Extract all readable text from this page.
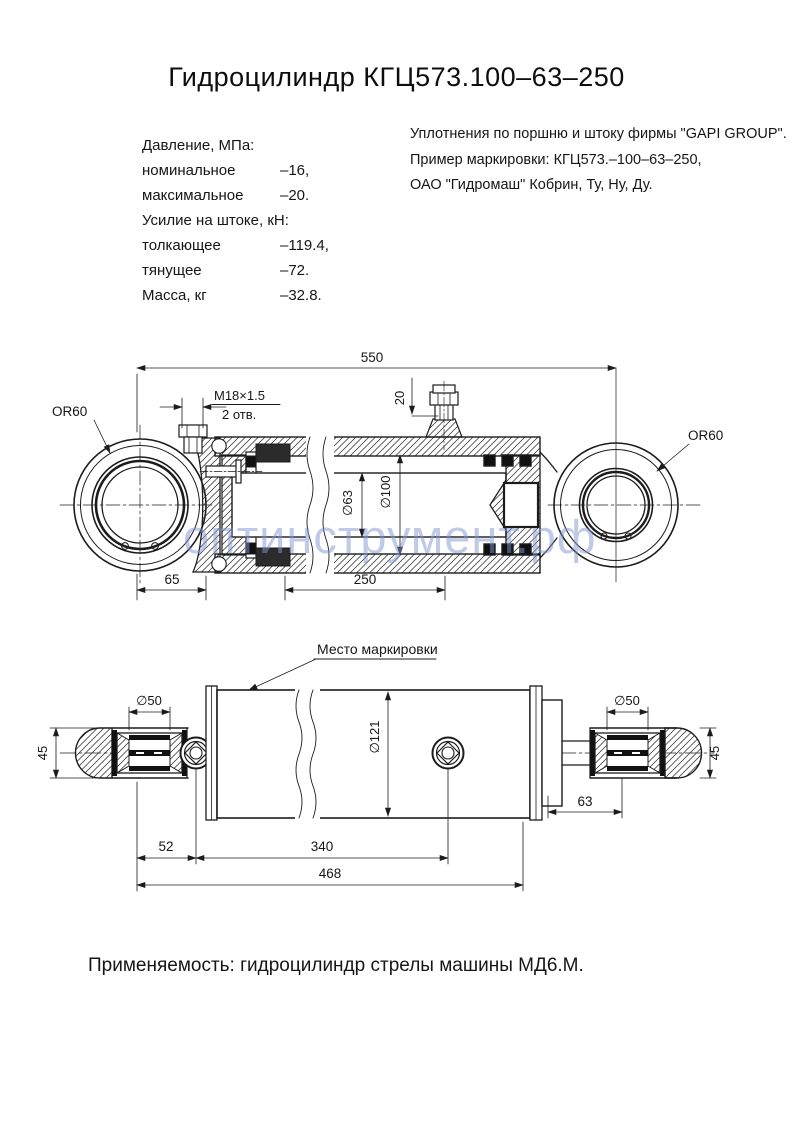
Гидроцилиндр КГЦ573.100–63–250
Давление, МПа:
номинальное	–16,
максимальное	–20.
Усилие на штоке, кН:
толкающее	–119.4,
тянущее	–72.
Масса, кг	–32.8.
Уплотнения по поршню и штоку фирмы "GAPI GROUP".
Пример маркировки: КГЦ573.–100–63–250,
ОАО "Гидромаш" Кобрин, Ту, Ну, Ду.
550
M18×1.5
2 отв.
20
∅63 ∅100
65	250
OR60
OR60
Место маркировки
∅50
45	∅121
∅50
45
63
52	340
468
оптинструмент.рф
Применяемость: гидроцилиндр стрелы машины МД6.М.
